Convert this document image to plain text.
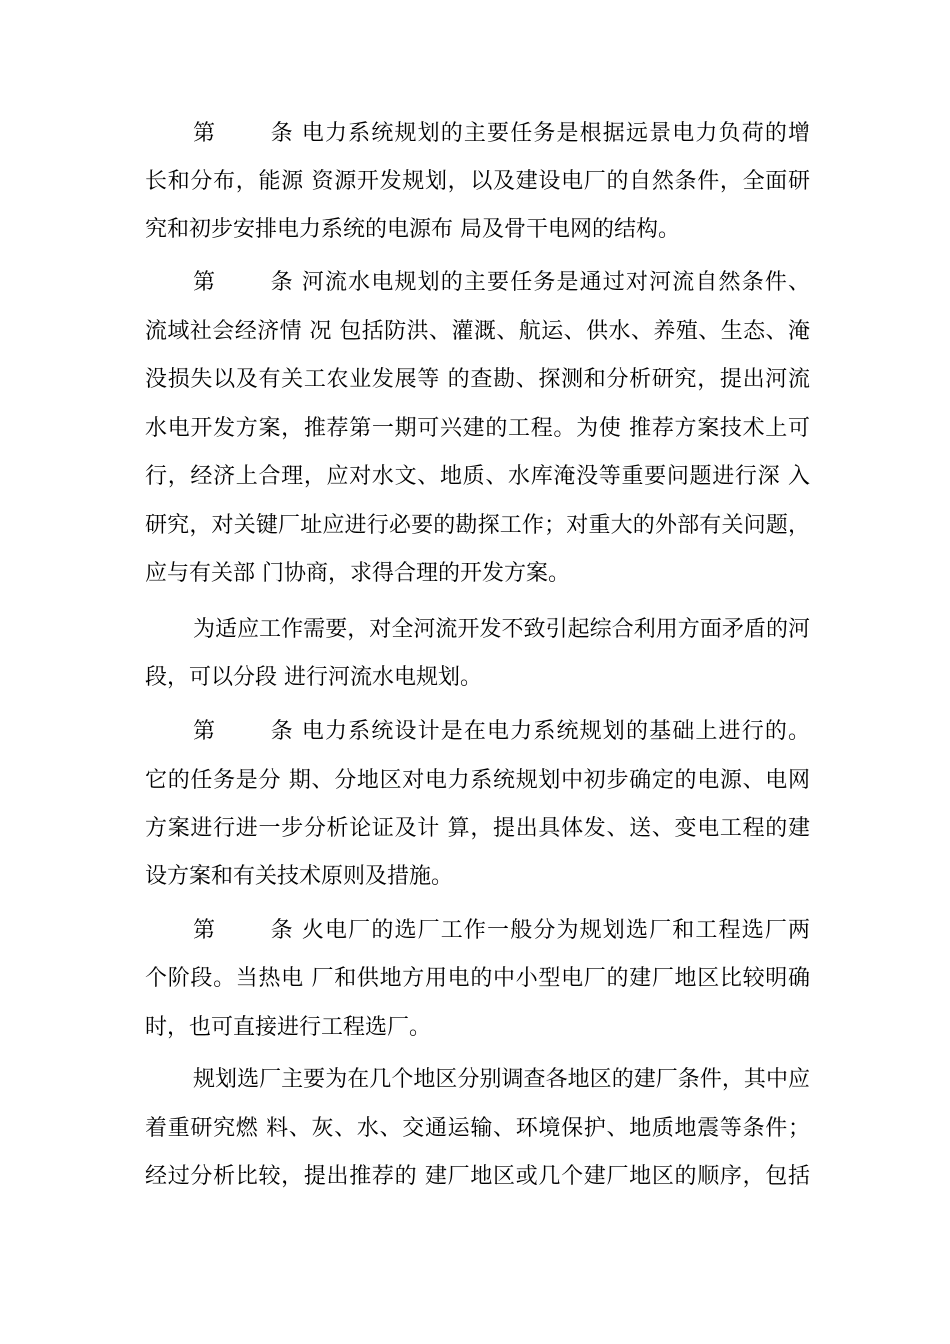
第 　　条 电力系统规划的主要任务是根据远景电力负荷的增
长和分布，能源 资源开发规划，以及建设电厂的自然条件，全面研
究和初步安排电力系统的电源布 局及骨干电网的结构。
第 　　条 河流水电规划的主要任务是通过对河流自然条件、
流域社会经济情 况 包括防洪、灌溉、航运、供水、养殖、生态、淹
没损失以及有关工农业发展等 的查勘、探测和分析研究，提出河流
水电开发方案，推荐第一期可兴建的工程。为使 推荐方案技术上可
行，经济上合理，应对水文、地质、水库淹没等重要问题进行深 入
研究，对关键厂址应进行必要的勘探工作；对重大的外部有关问题，
应与有关部 门协商，求得合理的开发方案。
为适应工作需要，对全河流开发不致引起综合利用方面矛盾的河
段，可以分段 进行河流水电规划。
第 　　条 电力系统设计是在电力系统规划的基础上进行的。
它的任务是分 期、分地区对电力系统规划中初步确定的电源、电网
方案进行进一步分析论证及计 算，提出具体发、送、变电工程的建
设方案和有关技术原则及措施。
第 　　条 火电厂的选厂工作一般分为规划选厂和工程选厂两
个阶段。当热电 厂和供地方用电的中小型电厂的建厂地区比较明确
时，也可直接进行工程选厂。
规划选厂主要为在几个地区分别调查各地区的建厂条件，其中应
着重研究燃 料、灰、水、交通运输、环境保护、地质地震等条件；
经过分析比较，提出推荐的 建厂地区或几个建厂地区的顺序，包括
